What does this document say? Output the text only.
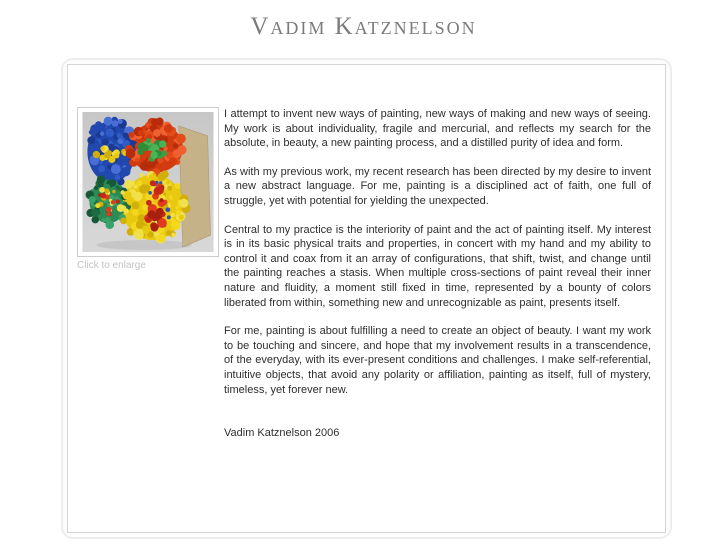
Vadim Katznelson
Click to enlarge

I attempt to invent new ways of painting, new ways of making and new ways of seeing. My work is about individuality, fragile and mercurial, and reflects my search for the absolute, in beauty, a new painting process, and a distilled purity of idea and form.

As with my previous work, my recent research has been directed by my desire to invent a new abstract language. For me, painting is a disciplined act of faith, one full of struggle, yet with potential for yielding the unexpected.

Central to my practice is the interiority of paint and the act of painting itself. My interest is in its basic physical traits and properties, in concert with my hand and my ability to control it and coax from it an array of configurations, that shift, twist, and change until the painting reaches a stasis. When multiple cross-sections of paint reveal their inner nature and fluidity, a moment still fixed in time, represented by a bounty of colors liberated from within, something new and unrecognizable as paint, presents itself.

For me, painting is about fulfilling a need to create an object of beauty. I want my work to be touching and sincere, and hope that my involvement results in a transcendence, of the everyday, with its ever-present conditions and challenges. I make self-referential, intuitive objects, that avoid any polarity or affiliation, painting as itself, full of mystery, timeless, yet forever new.

Vadim Katznelson 2006
